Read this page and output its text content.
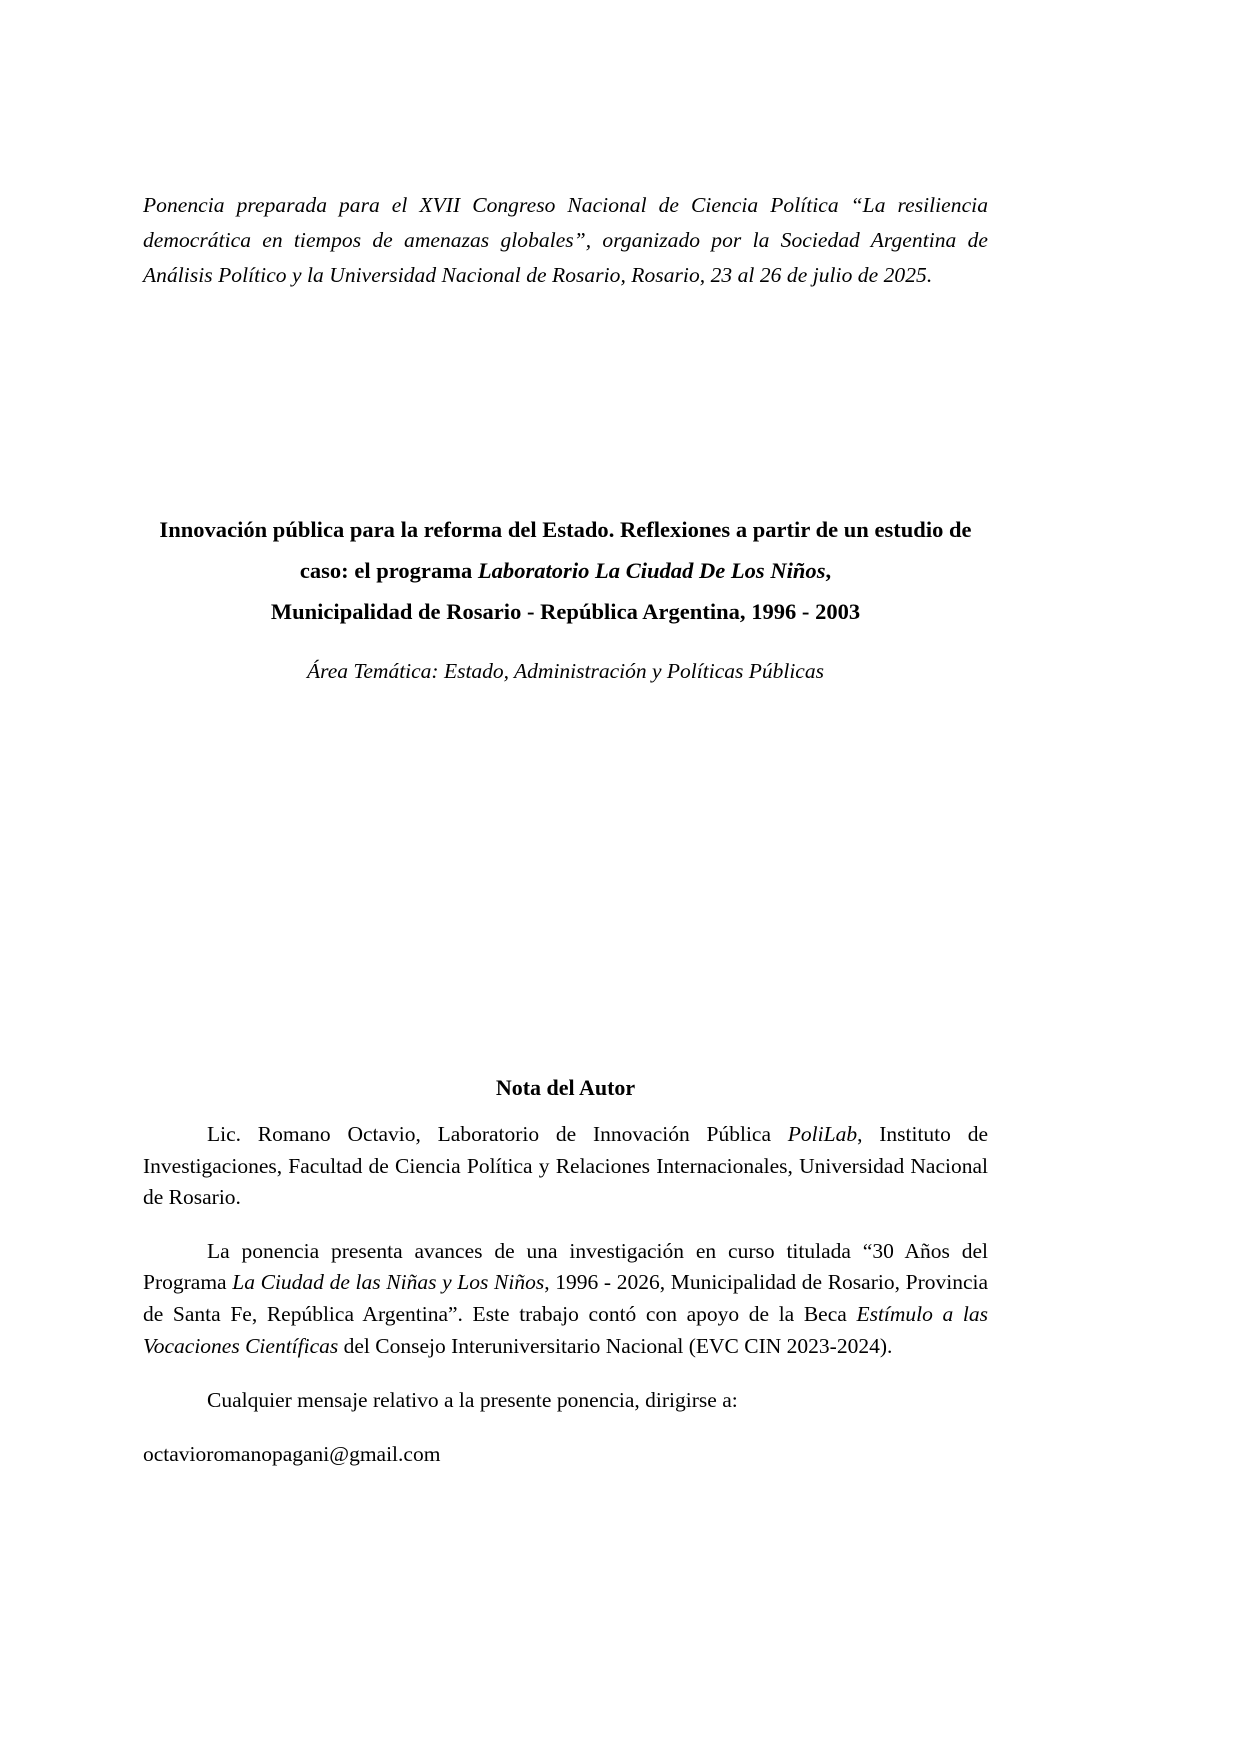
Ponencia preparada para el XVII Congreso Nacional de Ciencia Política “La resiliencia democrática en tiempos de amenazas globales”, organizado por la Sociedad Argentina de Análisis Político y la Universidad Nacional de Rosario, Rosario, 23 al 26 de julio de 2025.

Innovación pública para la reforma del Estado. Reflexiones a partir de un estudio de
caso: el programa Laboratorio La Ciudad De Los Niños,
Municipalidad de Rosario - República Argentina, 1996 - 2003
Área Temática: Estado, Administración y Políticas Públicas
Nota del Autor

Lic. Romano Octavio, Laboratorio de Innovación Pública PoliLab, Instituto de Investigaciones, Facultad de Ciencia Política y Relaciones Internacionales, Universidad Nacional de Rosario.

La ponencia presenta avances de una investigación en curso titulada “30 Años del Programa La Ciudad de las Niñas y Los Niños, 1996 - 2026, Municipalidad de Rosario, Provincia de Santa Fe, República Argentina”. Este trabajo contó con apoyo de la Beca Estímulo a las Vocaciones Científicas del Consejo Interuniversitario Nacional (EVC CIN 2023-2024).

Cualquier mensaje relativo a la presente ponencia, dirigirse a:

octavioromanopagani@gmail.com
